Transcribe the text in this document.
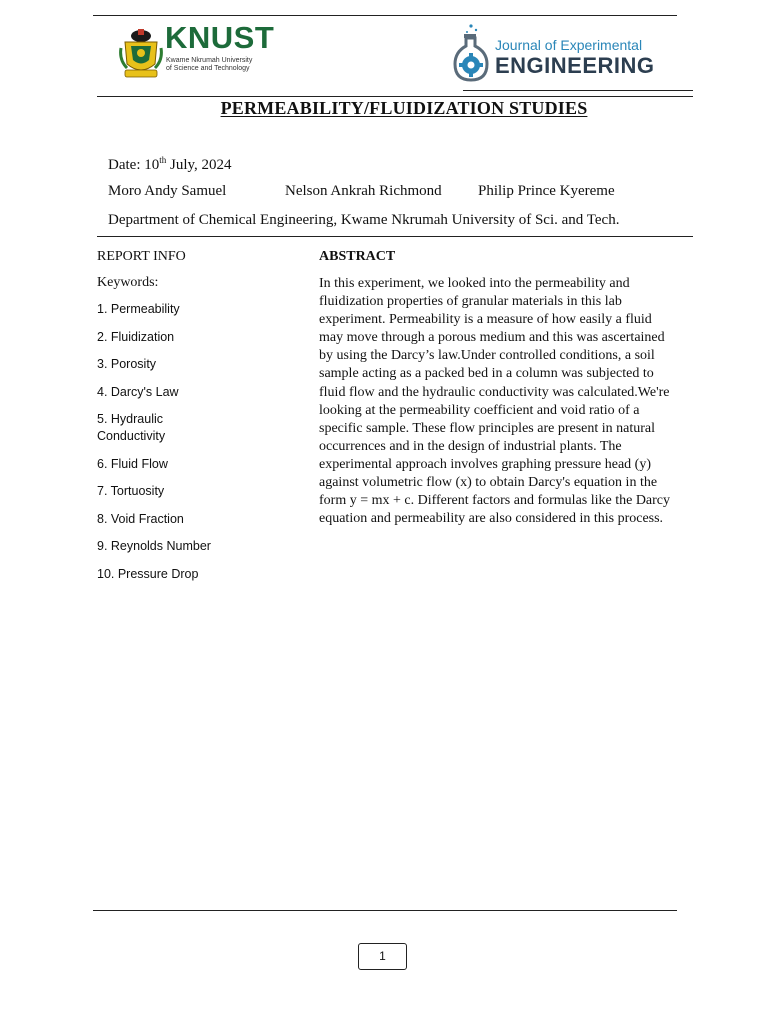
KNUST
Kwame Nkrumah University
of Science and Technology
Journal of Experimental
ENGINEERING
PERMEABILITY/FLUIDIZATION STUDIES
Date: 10th July, 2024
Moro Andy Samuel	Nelson Ankrah Richmond Philip Prince Kyereme
Department of Chemical Engineering, Kwame Nkrumah University of Sci. and Tech.
REPORT INFO
Keywords:
1. Permeability
2. Fluidization
3. Porosity
4. Darcy's Law
5. Hydraulic Conductivity
6. Fluid Flow
7. Tortuosity
8. Void Fraction
9. Reynolds Number
10. Pressure Drop
ABSTRACT

In this experiment, we looked into the permeability and fluidization properties of granular materials in this lab experiment. Permeability is a measure of how easily a fluid may move through a porous medium and this was ascertained by using the Darcy’s law.Under controlled conditions, a soil sample acting as a packed bed in a column was subjected to fluid flow and the hydraulic conductivity was calculated.We're looking at the permeability coefficient and void ratio of a specific sample. These flow principles are present in natural occurrences and in the design of industrial plants. The experimental approach involves graphing pressure head (y) against volumetric flow (x) to obtain Darcy's equation in the form y = mx + c. Different factors and formulas like the Darcy equation and permeability are also considered in this process.

1
